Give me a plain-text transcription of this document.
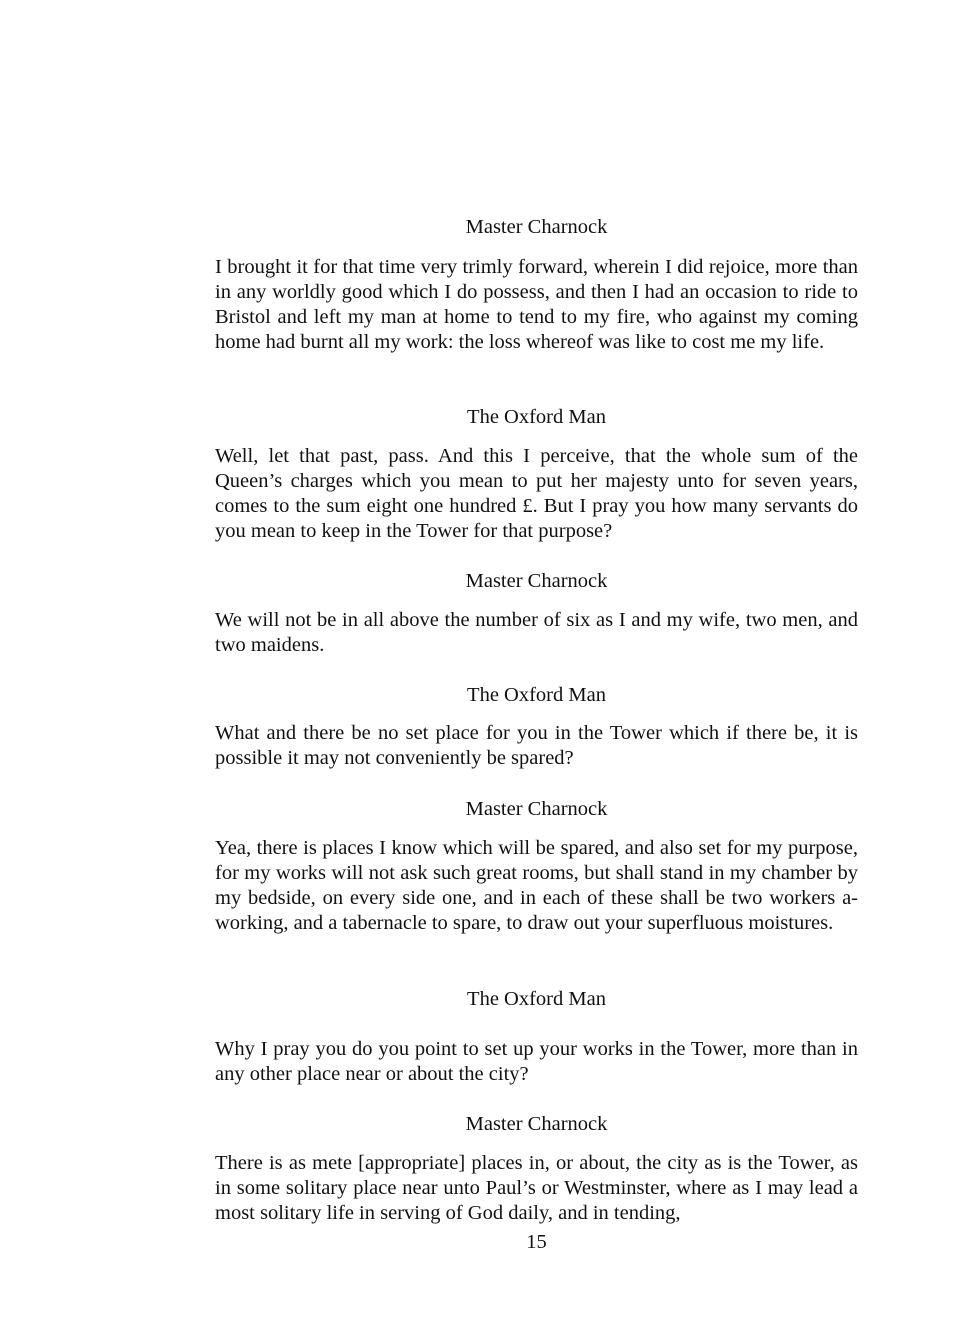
Master Charnock

I brought it for that time very trimly forward, wherein I did rejoice, more than in any worldly good which I do possess, and then I had an occasion to ride to Bristol and left my man at home to tend to my fire, who against my coming home had burnt all my work: the loss whereof was like to cost me my life.

The Oxford Man

Well, let that past, pass. And this I perceive, that the whole sum of the Queen’s charges which you mean to put her majesty unto for seven years, comes to the sum eight one hundred £. But I pray you how many servants do you mean to keep in the Tower for that purpose?

Master Charnock

We will not be in all above the number of six as I and my wife, two men, and two maidens.

The Oxford Man

What and there be no set place for you in the Tower which if there be, it is possible it may not conveniently be spared?

Master Charnock

Yea, there is places I know which will be spared, and also set for my purpose, for my works will not ask such great rooms, but shall stand in my chamber by my bedside, on every side one, and in each of these shall be two workers a-working, and a tabernacle to spare, to draw out your superfluous moistures.

The Oxford Man

Why I pray you do you point to set up your works in the Tower, more than in any other place near or about the city?

Master Charnock

There is as mete [appropriate] places in, or about, the city as is the Tower, as in some solitary place near unto Paul’s or Westminster, where as I may lead a most solitary life in serving of God daily, and in tending,

15
